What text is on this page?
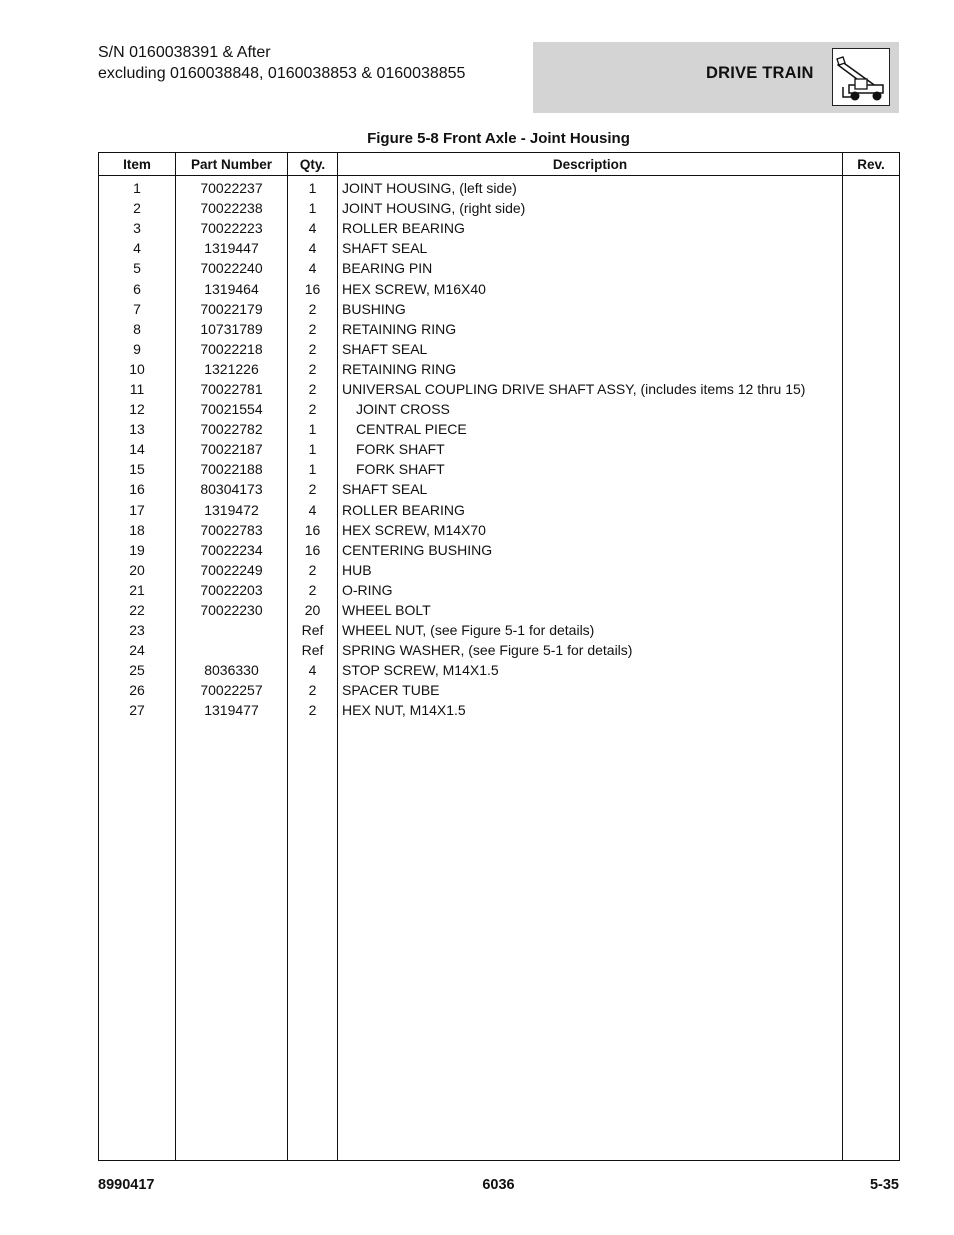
S/N 0160038391 & After
excluding 0160038848, 0160038853 & 0160038855	DRIVE TRAIN
Figure 5-8 Front Axle - Joint Housing
Item	Part Number	Qty.	Description	Rev.
1	70022237	1	JOINT HOUSING, (left side)	
2	70022238	1	JOINT HOUSING, (right side)	
3	70022223	4	ROLLER BEARING	
4	1319447	4	SHAFT SEAL	
5	70022240	4	BEARING PIN	
6	1319464	16	HEX SCREW, M16X40	
7	70022179	2	BUSHING	
8	10731789	2	RETAINING RING	
9	70022218	2	SHAFT SEAL	
10	1321226	2	RETAINING RING	
11	70022781	2	UNIVERSAL COUPLING DRIVE SHAFT ASSY, (includes items 12 thru 15)	
12	70021554	2	JOINT CROSS	
13	70022782	1	CENTRAL PIECE	
14	70022187	1	FORK SHAFT	
15	70022188	1	FORK SHAFT	
16	80304173	2	SHAFT SEAL	
17	1319472	4	ROLLER BEARING	
18	70022783	16	HEX SCREW, M14X70	
19	70022234	16	CENTERING BUSHING	
20	70022249	2	HUB	
21	70022203	2	O-RING	
22	70022230	20	WHEEL BOLT	
23		Ref	WHEEL NUT, (see Figure 5-1 for details)	
24		Ref	SPRING WASHER, (see Figure 5-1 for details)	
25	8036330	4	STOP SCREW, M14X1.5	
26	70022257	2	SPACER TUBE	
27	1319477	2	HEX NUT, M14X1.5	

8990417	6036	5-35
